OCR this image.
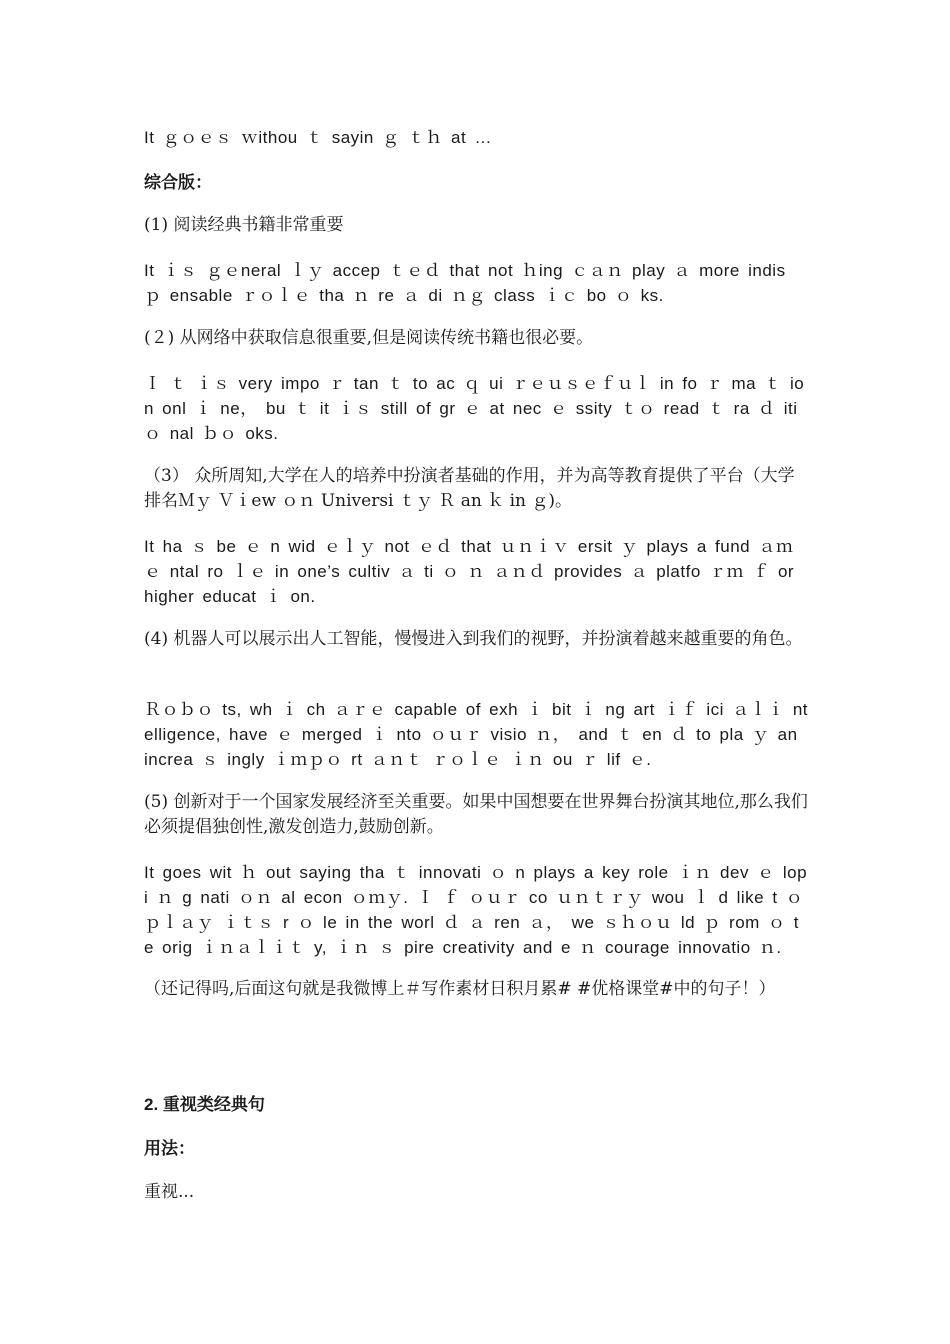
It ｇｏｅｓ ｗithou ｔ sayin ｇ ｔｈ at …
综合版：
(1) 阅读经典书籍非常重要
It ｉｓ ｇｅneral ｌｙ accep ｔｅｄ that not ｈing ｃａｎ play ａ more indis ｐ ensable ｒｏｌｅ tha ｎ re ａ di ｎｇ class ｉｃ bo ｏ ks.
(２) 从网络中获取信息很重要,但是阅读传统书籍也很必要。
Ｉ ｔ ｉｓ very impo ｒ tan ｔ to ac ｑ ui ｒｅｕｓｅｆｕｌ in fo ｒ ma ｔ ion onl ｉ ne， bu ｔ it ｉｓ still of gr ｅ at nec ｅ ssity ｔｏ read ｔ ra ｄ iti ｏ nal ｂｏ oks.
（3） 众所周知,大学在人的培养中扮演者基础的作用，并为高等教育提供了平台（大学排名Ｍｙ Ｖｉew ｏｎ Universi ｔｙ Ｒ an ｋ in ｇ)。
It ha ｓ be ｅ n wid ｅｌｙ not ｅｄ that ｕｎｉｖ ersit ｙ plays a fund ａｍｅ ntal ro ｌｅ in one’s cultiv ａ ti ｏ ｎ ａｎｄ provides ａ platfo ｒｍ ｆ or higher educat ｉ on.
(4) 机器人可以展示出人工智能，慢慢进入到我们的视野，并扮演着越来越重要的角色。
Ｒｏｂｏ ts, wh ｉ ch ａｒｅ capable of exh ｉ bit ｉ ng art ｉｆ ici ａｌｉ ntelligence, have ｅ merged ｉ nto ｏｕｒ visio ｎ， and ｔ en ｄ to pla ｙ an increa ｓ ingly ｉｍｐｏ rt ａｎｔ ｒｏｌｅ ｉｎ ou ｒ lif ｅ.
(5) 创新对于一个国家发展经济至关重要。如果中国想要在世界舞台扮演其地位,那么我们必须提倡独创性,激发创造力,鼓励创新。
It goes wit ｈ out saying tha ｔ innovati ｏ n plays a key role ｉｎ dev ｅ lopi ｎ g nati ｏｎ al econ ｏｍｙ. Ｉ ｆ ｏｕｒ co ｕｎｔｒｙ wou ｌ d like t ｏ ｐｌａｙ ｉｔｓ r ｏ le in the worl ｄ ａ ren ａ， we ｓｈｏｕ ld ｐ rom ｏ te orig ｉｎａｌｉｔ y, ｉｎ ｓ pire creativity and e ｎ courage innovatio ｎ.
（还记得吗,后面这句就是我微博上＃写作素材日积月累# #优格课堂#中的句子！）
2. 重视类经典句
用法：
重视...
